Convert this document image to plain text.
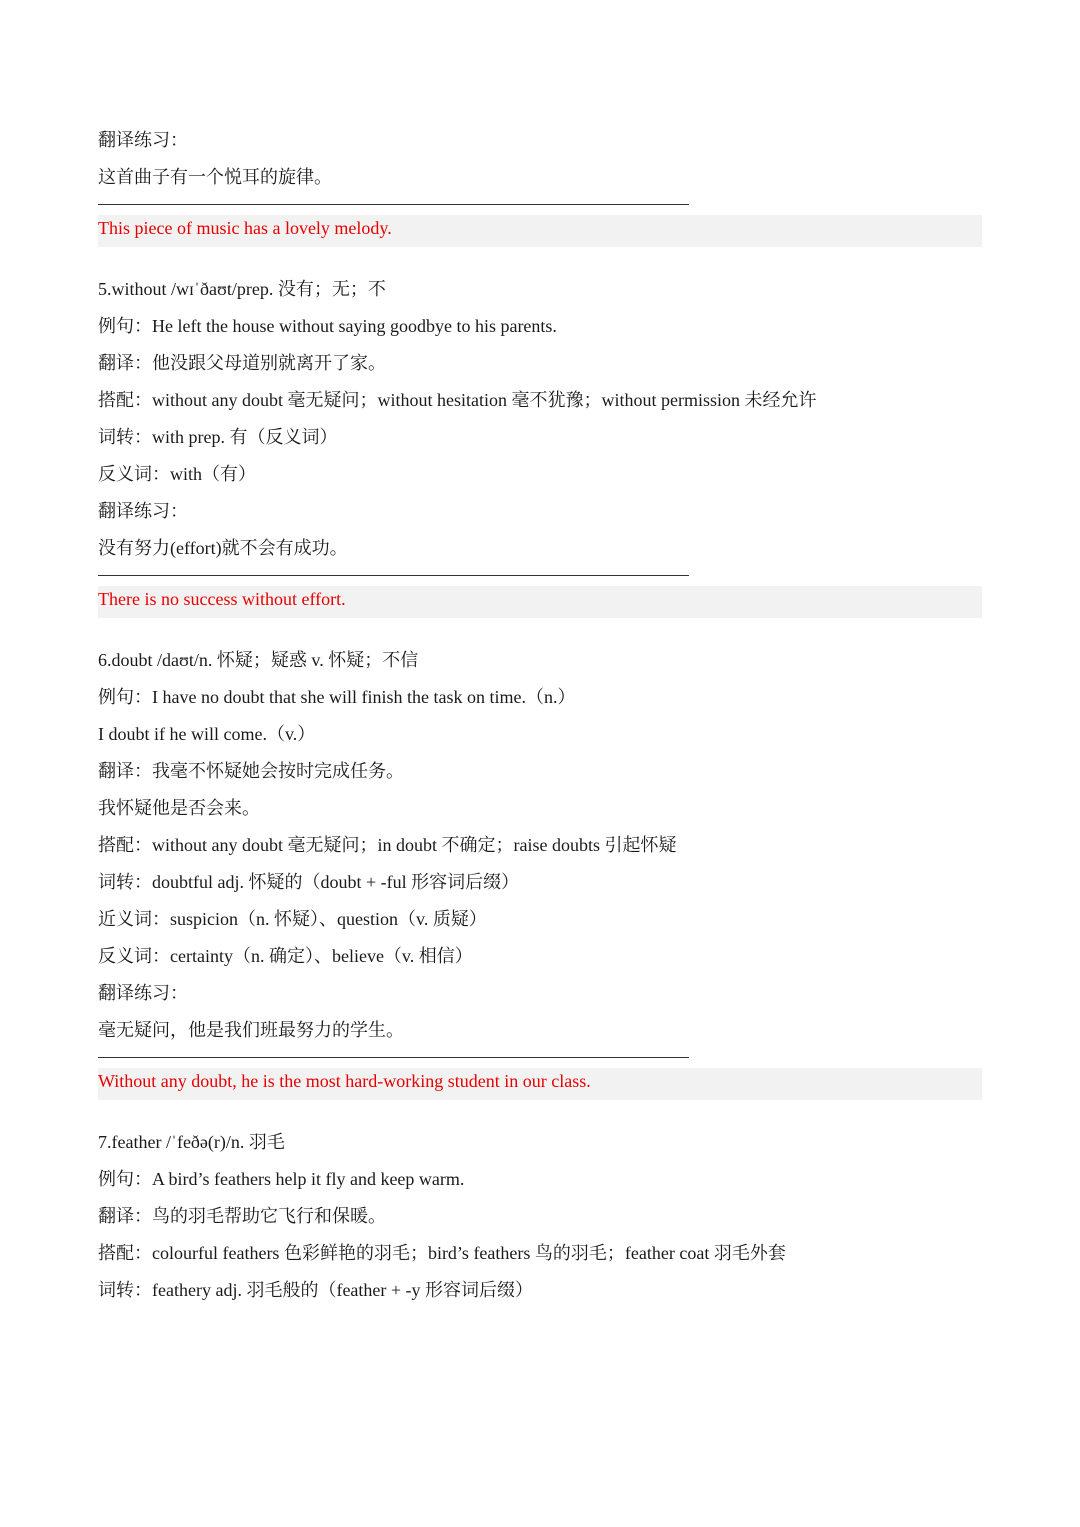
翻译练习：
这首曲子有一个悦耳的旋律。
This piece of music has a lovely melody.
5.without /wɪˈðaʊt/prep. 没有；无；不
例句：He left the house without saying goodbye to his parents.
翻译：他没跟父母道别就离开了家。
搭配：without any doubt 毫无疑问；without hesitation 毫不犹豫；without permission 未经允许
词转：with prep. 有（反义词）
反义词：with（有）
翻译练习：
没有努力(effort)就不会有成功。
There is no success without effort.
6.doubt /daʊt/n. 怀疑；疑惑 v. 怀疑；不信
例句：I have no doubt that she will finish the task on time.（n.）
I doubt if he will come.（v.）
翻译：我毫不怀疑她会按时完成任务。
我怀疑他是否会来。
搭配：without any doubt 毫无疑问；in doubt 不确定；raise doubts 引起怀疑
词转：doubtful adj. 怀疑的（doubt + -ful 形容词后缀）
近义词：suspicion（n. 怀疑）、question（v. 质疑）
反义词：certainty（n. 确定）、believe（v. 相信）
翻译练习：
毫无疑问，他是我们班最努力的学生。
Without any doubt, he is the most hard-working student in our class.
7.feather /ˈfeðə(r)/n. 羽毛
例句：A bird’s feathers help it fly and keep warm.
翻译：鸟的羽毛帮助它飞行和保暖。
搭配：colourful feathers 色彩鲜艳的羽毛；bird’s feathers 鸟的羽毛；feather coat 羽毛外套
词转：feathery adj. 羽毛般的（feather + -y 形容词后缀）
